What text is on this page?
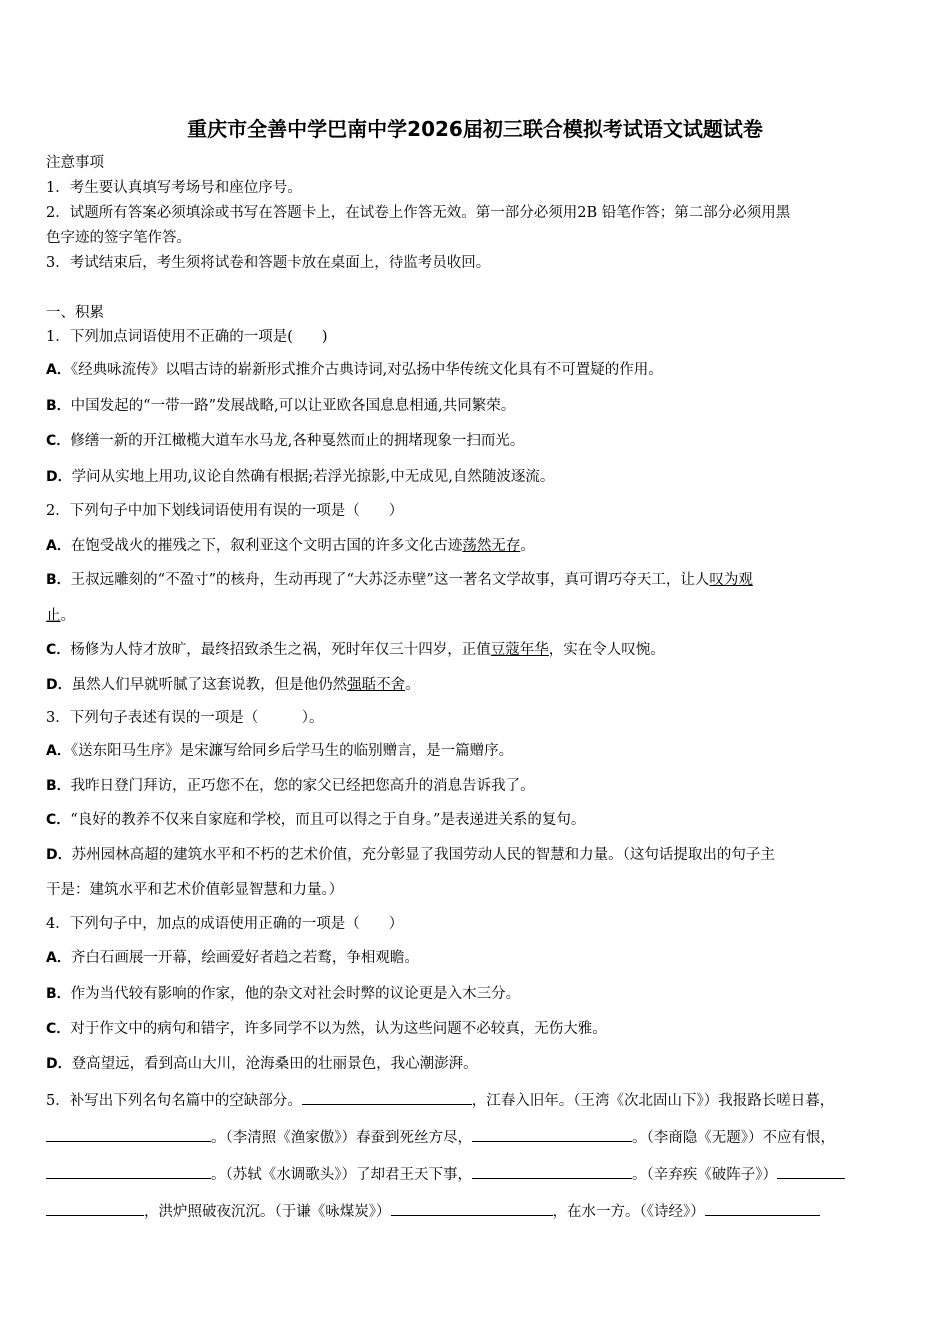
重庆市全善中学巴南中学2026届初三联合模拟考试语文试题试卷
注意事项
1．考生要认真填写考场号和座位序号。
2．试题所有答案必须填涂或书写在答题卡上，在试卷上作答无效。第一部分必须用2B 铅笔作答；第二部分必须用黑
色字迹的签字笔作答。
3．考试结束后，考生须将试卷和答题卡放在桌面上，待监考员收回。
一、积累
1．下列加点词语使用不正确的一项是(　　)
A．《经典咏流传》以唱古诗的崭新形式推介古典诗词,对弘扬中华传统文化具有不可置疑的作用。
B．中国发起的“一带一路”发展战略,可以让亚欧各国息息相通,共同繁荣。
C．修缮一新的开江橄榄大道车水马龙,各种戛然而止的拥堵现象一扫而光。
D．学问从实地上用功,议论自然确有根据;若浮光掠影,中无成见,自然随波逐流。
2．下列句子中加下划线词语使用有误的一项是（　　）
A．在饱受战火的摧残之下，叙利亚这个文明古国的许多文化古迹荡然无存。
B．王叔远雕刻的“不盈寸”的核舟，生动再现了“大苏泛赤壁”这一著名文学故事，真可谓巧夺天工，让人叹为观
止。
C．杨修为人恃才放旷，最终招致杀生之祸，死时年仅三十四岁，正值豆蔻年华，实在令人叹惋。
D．虽然人们早就听腻了这套说教，但是他仍然强聒不舍。
3．下列句子表述有误的一项是（　　　）。
A．《送东阳马生序》是宋濂写给同乡后学马生的临别赠言，是一篇赠序。
B．我昨日登门拜访，正巧您不在，您的家父已经把您高升的消息告诉我了。
C．“良好的教养不仅来自家庭和学校，而且可以得之于自身。”是表递进关系的复句。
D．苏州园林高超的建筑水平和不朽的艺术价值，充分彰显了我国劳动人民的智慧和力量。（这句话提取出的句子主
干是：建筑水平和艺术价值彰显智慧和力量。）
4．下列句子中，加点的成语使用正确的一项是（　　）
A．齐白石画展一开幕，绘画爱好者趋之若鹜，争相观瞻。
B．作为当代较有影响的作家，他的杂文对社会时弊的议论更是入木三分。
C．对于作文中的病句和错字，许多同学不以为然，认为这些问题不必较真，无伤大雅。
D．登高望远，看到高山大川，沧海桑田的壮丽景色，我心潮澎湃。
5．补写出下列名句名篇中的空缺部分。	，江春入旧年。（王湾《次北固山下》）我报路长嗟日暮，
。（李清照《渔家傲》）春蚕到死丝方尽，	。（李商隐《无题》）不应有恨，
。（苏轼《水调歌头》）了却君王天下事，	。（辛弃疾《破阵子》）
，洪炉照破夜沉沉。（于谦《咏煤炭》）	，在水一方。（《诗经》）
